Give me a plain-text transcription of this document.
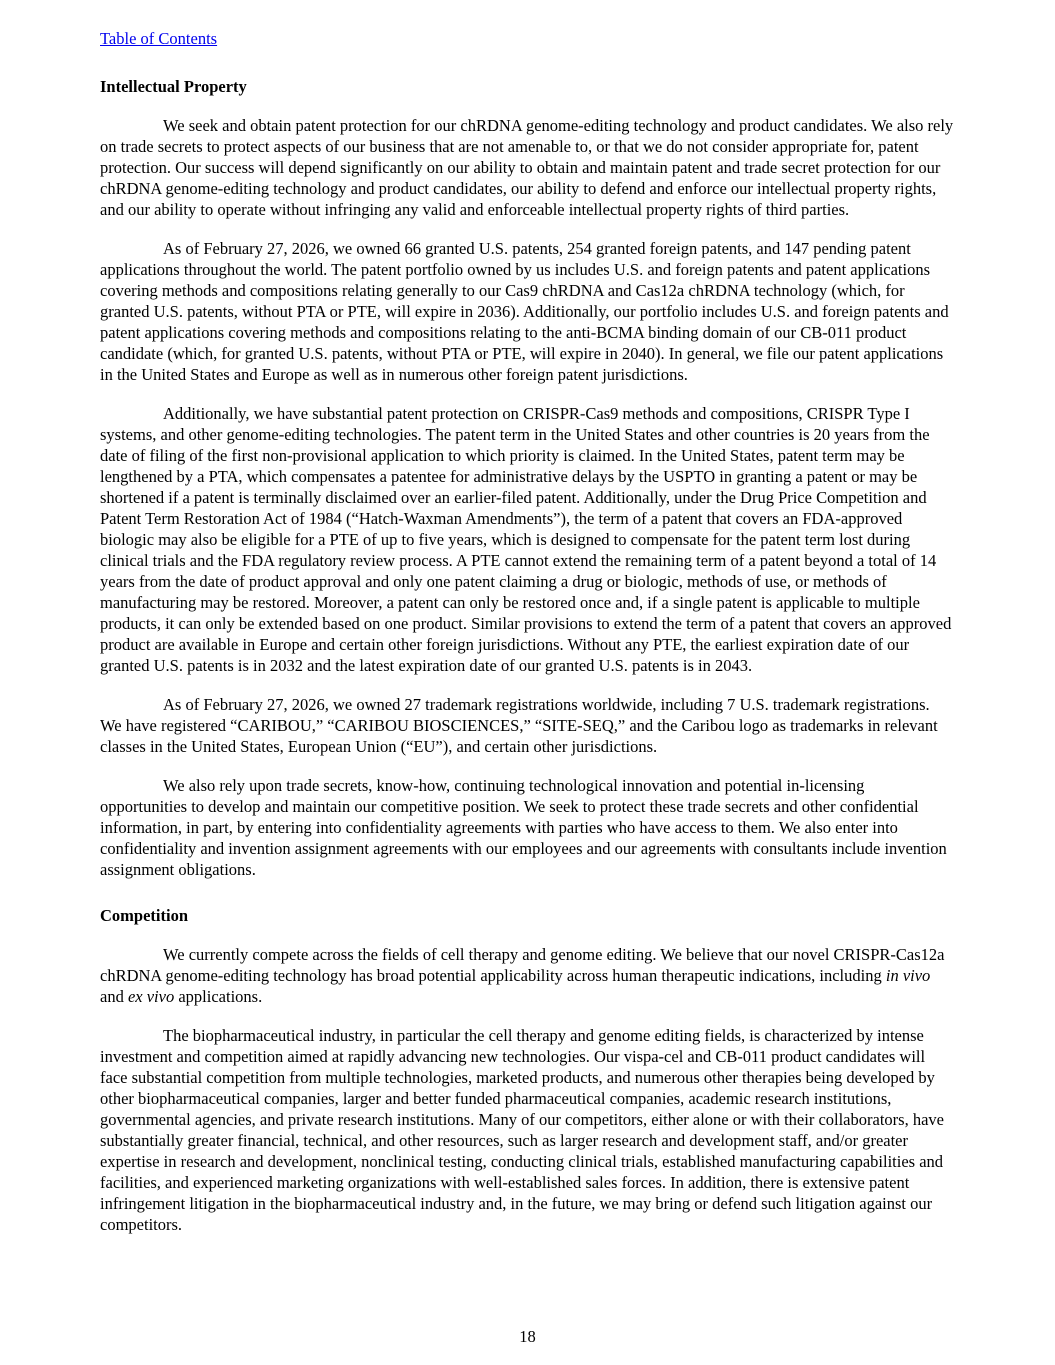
Table of Contents
Intellectual Property
We seek and obtain patent protection for our chRDNA genome-editing technology and product candidates. We also rely on trade secrets to protect aspects of our business that are not amenable to, or that we do not consider appropriate for, patent protection. Our success will depend significantly on our ability to obtain and maintain patent and trade secret protection for our chRDNA genome-editing technology and product candidates, our ability to defend and enforce our intellectual property rights, and our ability to operate without infringing any valid and enforceable intellectual property rights of third parties.
As of February 27, 2026, we owned 66 granted U.S. patents, 254 granted foreign patents, and 147 pending patent applications throughout the world. The patent portfolio owned by us includes U.S. and foreign patents and patent applications covering methods and compositions relating generally to our Cas9 chRDNA and Cas12a chRDNA technology (which, for granted U.S. patents, without PTA or PTE, will expire in 2036). Additionally, our portfolio includes U.S. and foreign patents and patent applications covering methods and compositions relating to the anti-BCMA binding domain of our CB-011 product candidate (which, for granted U.S. patents, without PTA or PTE, will expire in 2040). In general, we file our patent applications in the United States and Europe as well as in numerous other foreign patent jurisdictions.
Additionally, we have substantial patent protection on CRISPR-Cas9 methods and compositions, CRISPR Type I systems, and other genome-editing technologies. The patent term in the United States and other countries is 20 years from the date of filing of the first non-provisional application to which priority is claimed. In the United States, patent term may be lengthened by a PTA, which compensates a patentee for administrative delays by the USPTO in granting a patent or may be shortened if a patent is terminally disclaimed over an earlier-filed patent. Additionally, under the Drug Price Competition and Patent Term Restoration Act of 1984 (“Hatch-Waxman Amendments”), the term of a patent that covers an FDA-approved biologic may also be eligible for a PTE of up to five years, which is designed to compensate for the patent term lost during clinical trials and the FDA regulatory review process. A PTE cannot extend the remaining term of a patent beyond a total of 14 years from the date of product approval and only one patent claiming a drug or biologic, methods of use, or methods of manufacturing may be restored. Moreover, a patent can only be restored once and, if a single patent is applicable to multiple products, it can only be extended based on one product. Similar provisions to extend the term of a patent that covers an approved product are available in Europe and certain other foreign jurisdictions. Without any PTE, the earliest expiration date of our granted U.S. patents is in 2032 and the latest expiration date of our granted U.S. patents is in 2043.
As of February 27, 2026, we owned 27 trademark registrations worldwide, including 7 U.S. trademark registrations. We have registered “CARIBOU,” “CARIBOU BIOSCIENCES,” “SITE-SEQ,” and the Caribou logo as trademarks in relevant classes in the United States, European Union (“EU”), and certain other jurisdictions.
We also rely upon trade secrets, know-how, continuing technological innovation and potential in-licensing opportunities to develop and maintain our competitive position. We seek to protect these trade secrets and other confidential information, in part, by entering into confidentiality agreements with parties who have access to them. We also enter into confidentiality and invention assignment agreements with our employees and our agreements with consultants include invention assignment obligations.
Competition
We currently compete across the fields of cell therapy and genome editing. We believe that our novel CRISPR-Cas12a chRDNA genome-editing technology has broad potential applicability across human therapeutic indications, including in vivo and ex vivo applications.
The biopharmaceutical industry, in particular the cell therapy and genome editing fields, is characterized by intense investment and competition aimed at rapidly advancing new technologies. Our vispa-cel and CB-011 product candidates will face substantial competition from multiple technologies, marketed products, and numerous other therapies being developed by other biopharmaceutical companies, larger and better funded pharmaceutical companies, academic research institutions, governmental agencies, and private research institutions. Many of our competitors, either alone or with their collaborators, have substantially greater financial, technical, and other resources, such as larger research and development staff, and/or greater expertise in research and development, nonclinical testing, conducting clinical trials, established manufacturing capabilities and facilities, and experienced marketing organizations with well-established sales forces. In addition, there is extensive patent infringement litigation in the biopharmaceutical industry and, in the future, we may bring or defend such litigation against our competitors.
18
